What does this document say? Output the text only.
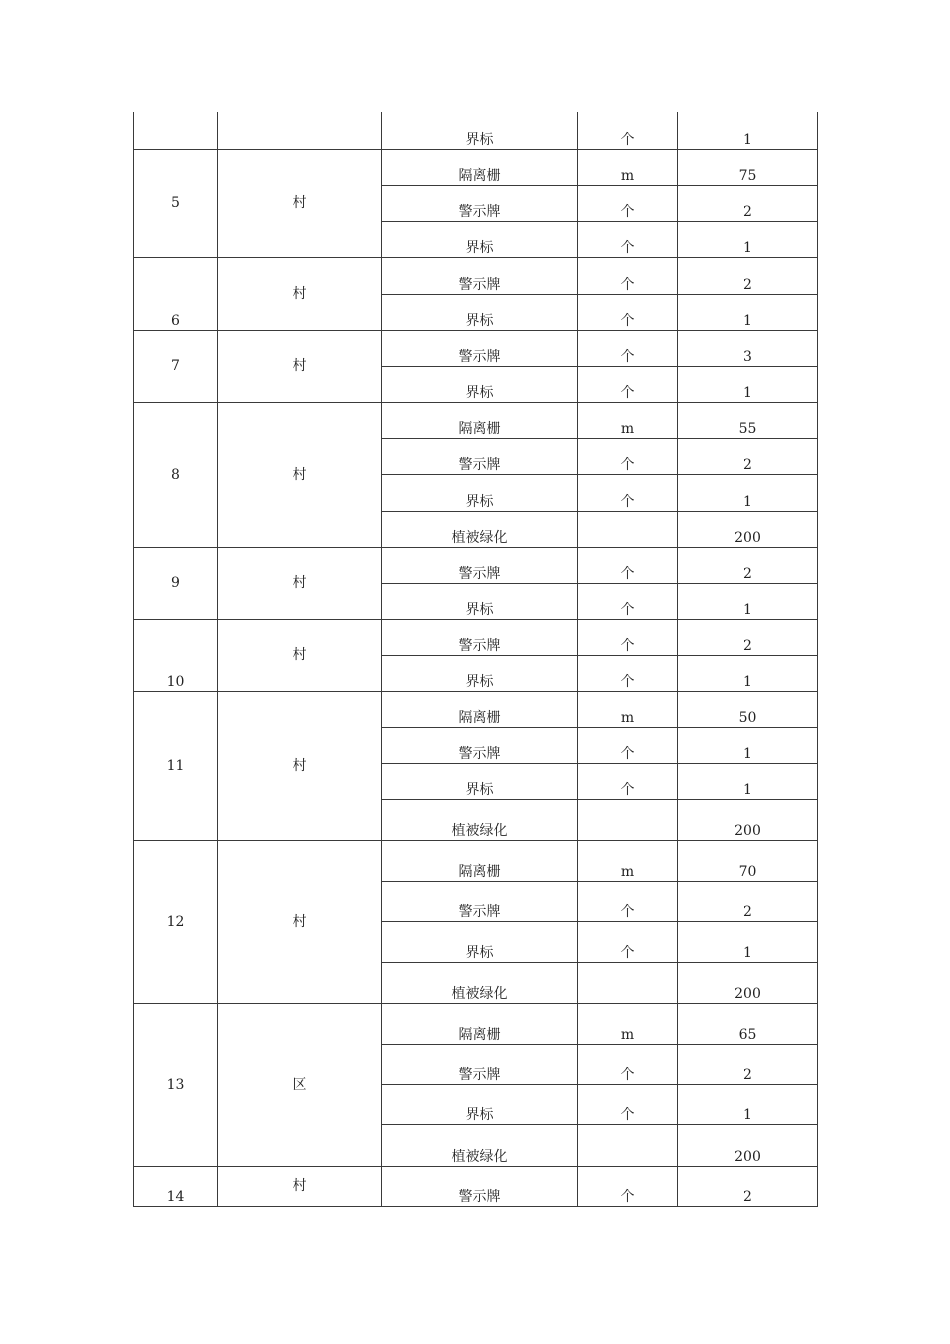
		界标	个	1
5	村	隔离栅	m	75
		警示牌	个	2
		界标	个	1
6	村	警示牌	个	2
		界标	个	1
7	村	警示牌	个	3
		界标	个	1
8	村	隔离栅	m	55
		警示牌	个	2
		界标	个	1
		植被绿化		200
9	村	警示牌	个	2
		界标	个	1
10	村	警示牌	个	2
		界标	个	1
11	村	隔离栅	m	50
		警示牌	个	1
		界标	个	1
		植被绿化		200
12	村	隔离栅	m	70
		警示牌	个	2
		界标	个	1
		植被绿化		200
13	区	隔离栅	m	65
		警示牌	个	2
		界标	个	1
		植被绿化		200
14	村	警示牌	个	2
